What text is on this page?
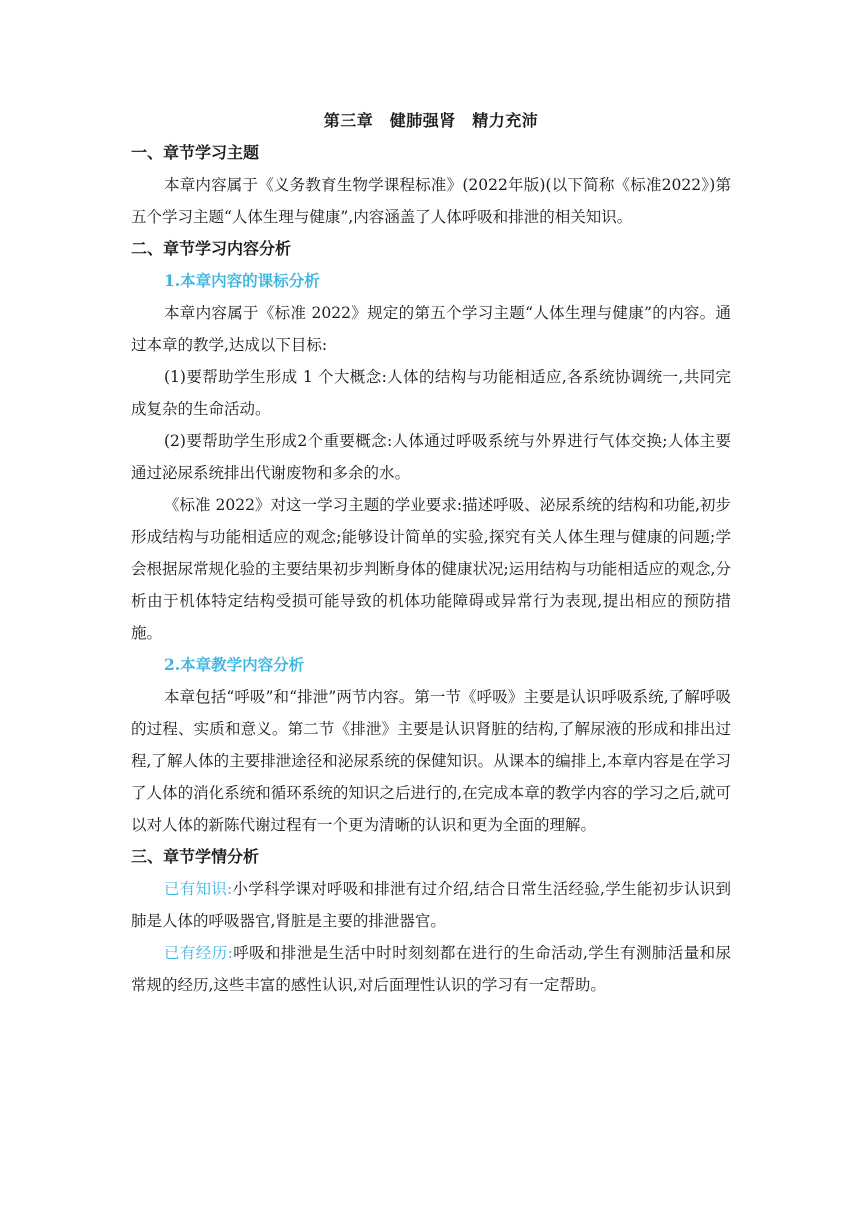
第三章　健肺强肾　精力充沛
一、章节学习主题

本章内容属于《义务教育生物学课程标准》(2022年版)(以下简称《标准2022》)第五个学习主题“人体生理与健康”,内容涵盖了人体呼吸和排泄的相关知识。

二、章节学习内容分析
1.本章内容的课标分析

本章内容属于《标准 2022》规定的第五个学习主题“人体生理与健康”的内容。通过本章的教学,达成以下目标:

(1)要帮助学生形成 1 个大概念:人体的结构与功能相适应,各系统协调统一,共同完成复杂的生命活动。

(2)要帮助学生形成2个重要概念:人体通过呼吸系统与外界进行气体交换;人体主要通过泌尿系统排出代谢废物和多余的水。

《标准 2022》对这一学习主题的学业要求:描述呼吸、泌尿系统的结构和功能,初步形成结构与功能相适应的观念;能够设计简单的实验,探究有关人体生理与健康的问题;学会根据尿常规化验的主要结果初步判断身体的健康状况;运用结构与功能相适应的观念,分析由于机体特定结构受损可能导致的机体功能障碍或异常行为表现,提出相应的预防措施。

2.本章教学内容分析

本章包括“呼吸”和“排泄”两节内容。第一节《呼吸》主要是认识呼吸系统,了解呼吸的过程、实质和意义。第二节《排泄》主要是认识肾脏的结构,了解尿液的形成和排出过程,了解人体的主要排泄途径和泌尿系统的保健知识。从课本的编排上,本章内容是在学习了人体的消化系统和循环系统的知识之后进行的,在完成本章的教学内容的学习之后,就可以对人体的新陈代谢过程有一个更为清晰的认识和更为全面的理解。

三、章节学情分析

已有知识:小学科学课对呼吸和排泄有过介绍,结合日常生活经验,学生能初步认识到肺是人体的呼吸器官,肾脏是主要的排泄器官。

已有经历:呼吸和排泄是生活中时时刻刻都在进行的生命活动,学生有测肺活量和尿常规的经历,这些丰富的感性认识,对后面理性认识的学习有一定帮助。
